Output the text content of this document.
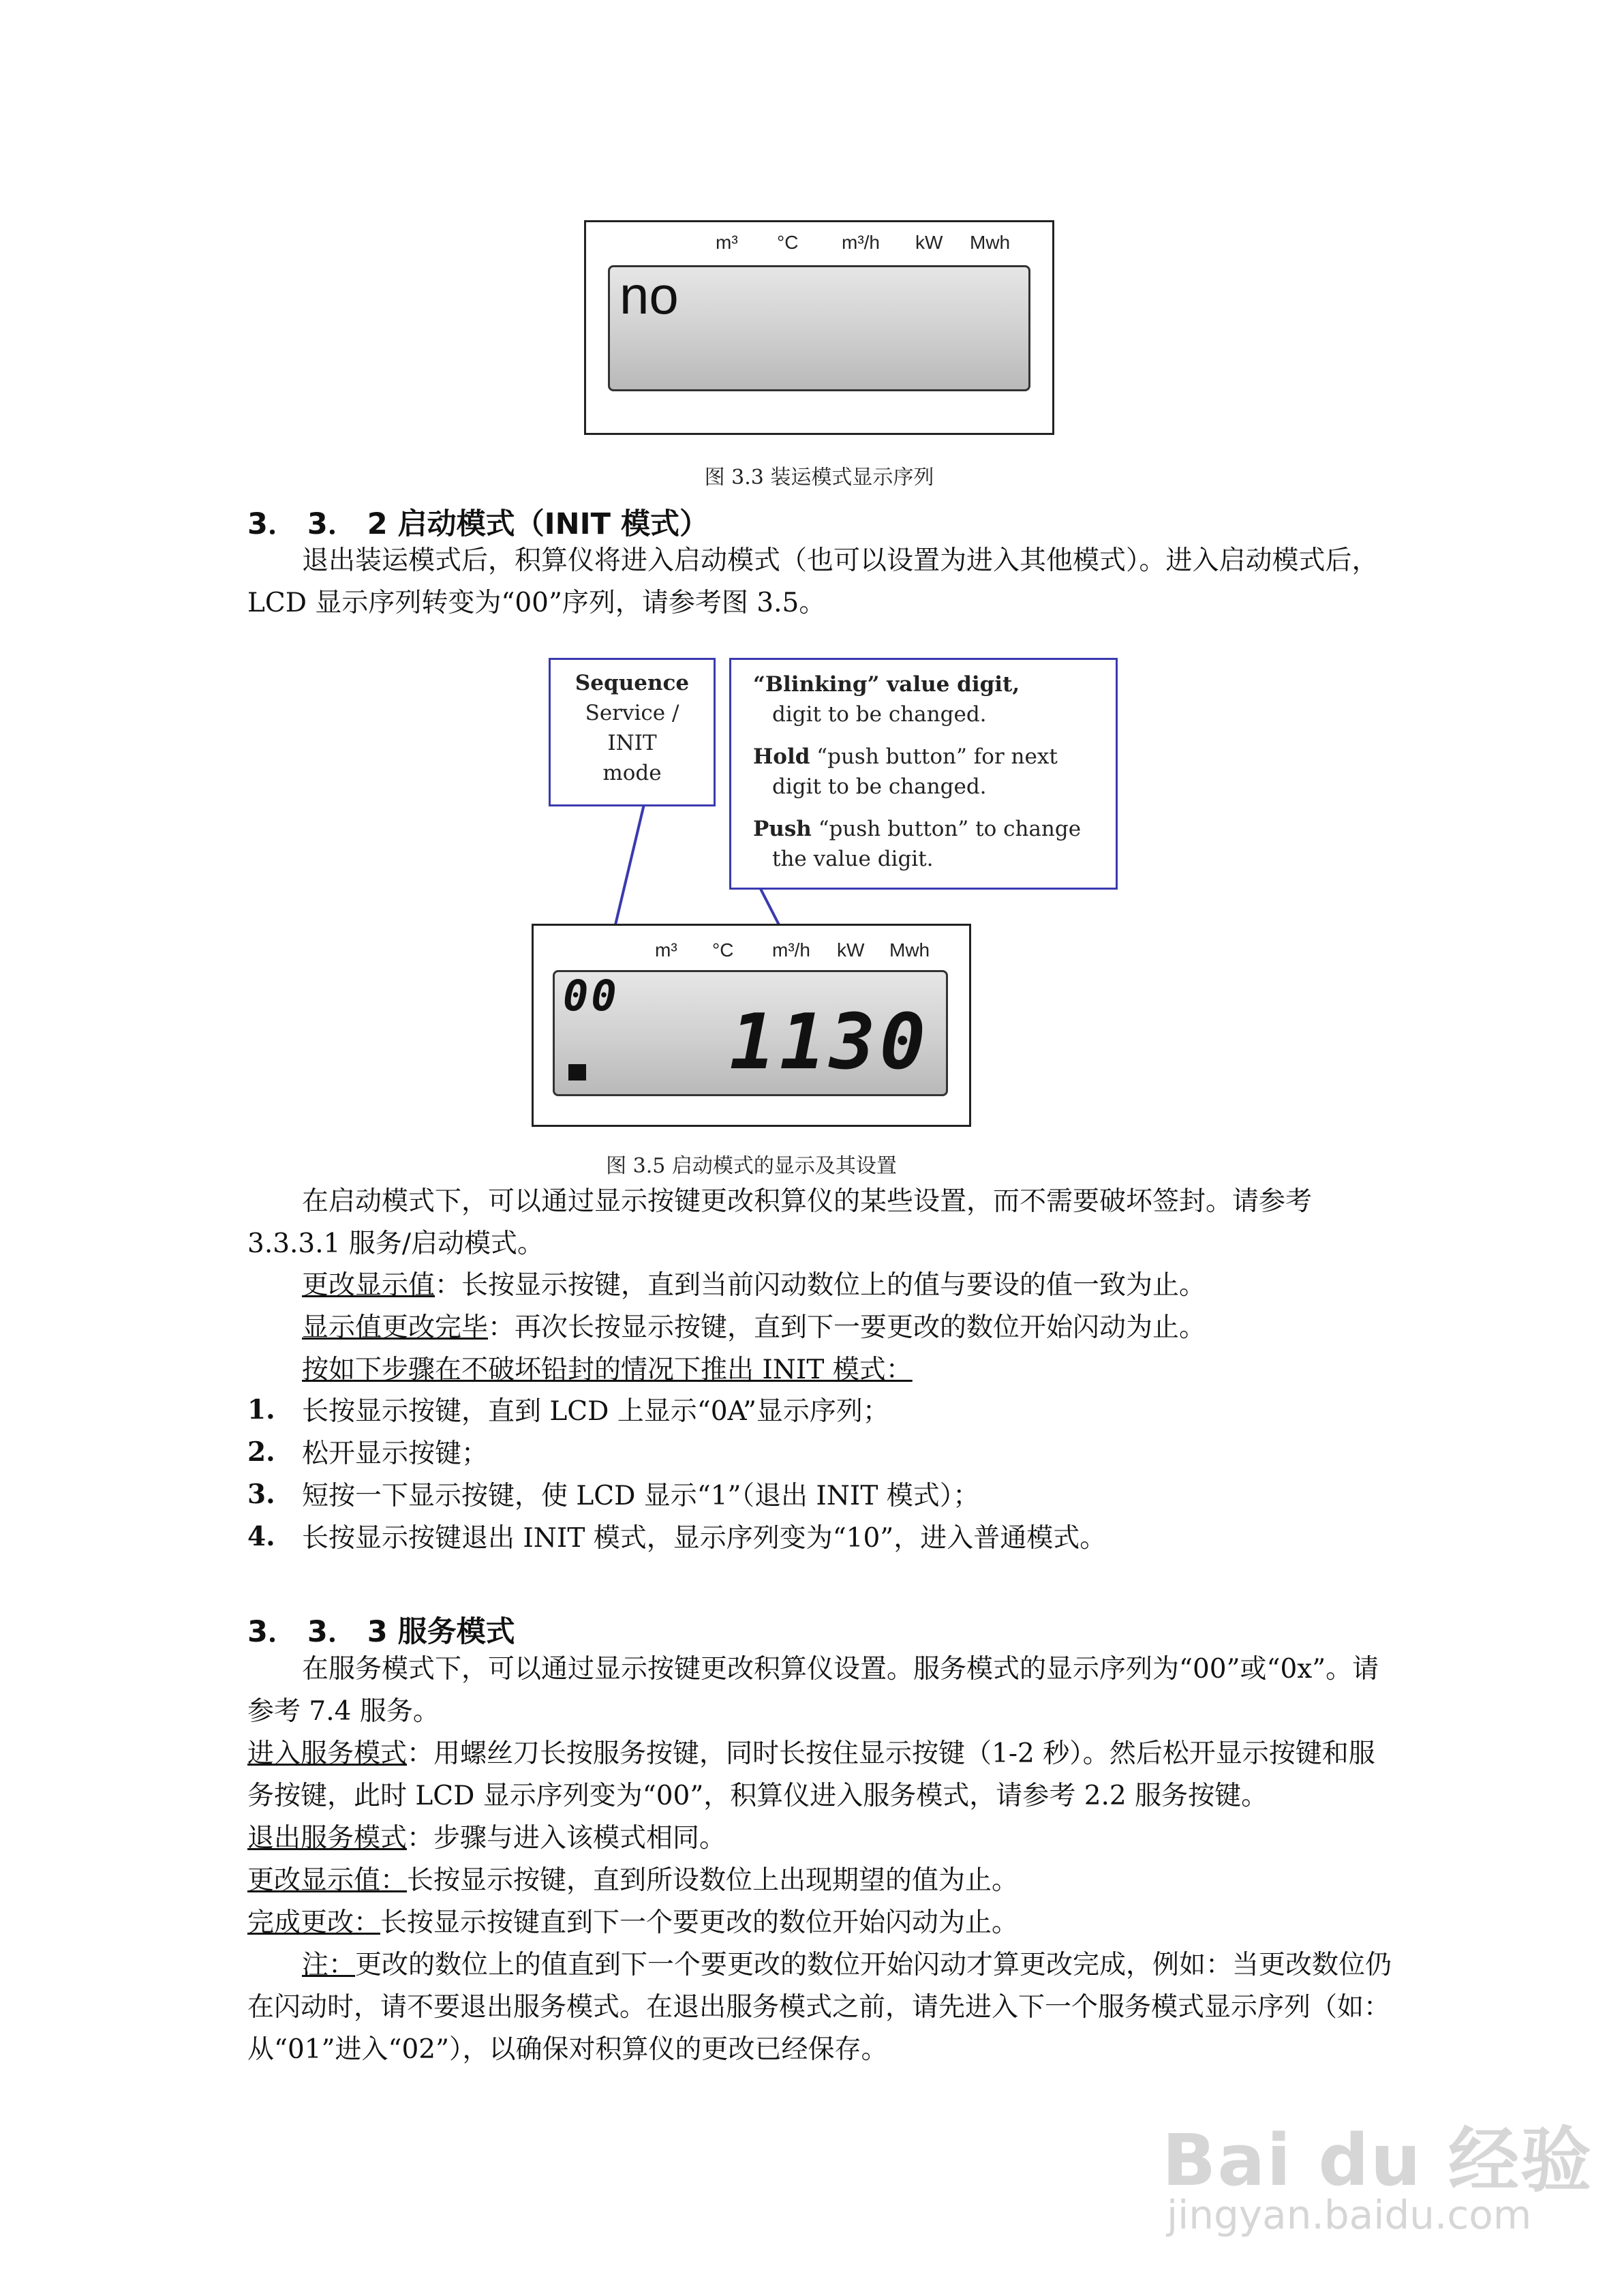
m³ °C m³/h kW Mwh
no
图 3.3 装运模式显示序列
3． 3． 2 启动模式（INIT 模式）
退出装运模式后，积算仪将进入启动模式（也可以设置为进入其他模式）。进入启动模式后，LCD 显示序列转变为“00”序列，请参考图 3.5。
Sequence
Service /
INIT
mode
“Blinking” value digit,
digit to be changed.
Hold “push button” for next
digit to be changed.
Push “push button” to change
the value digit.
m³ °C m³/h kW Mwh
00
1130
图 3.5 启动模式的显示及其设置
在启动模式下，可以通过显示按键更改积算仪的某些设置，而不需要破坏签封。请参考 3.3.3.1 服务/启动模式。
更改显示值：长按显示按键，直到当前闪动数位上的值与要设的值一致为止。
显示值更改完毕：再次长按显示按键，直到下一要更改的数位开始闪动为止。
按如下步骤在不破坏铅封的情况下推出 INIT 模式：
1. 长按显示按键，直到 LCD 上显示“0A”显示序列；
2. 松开显示按键；
3. 短按一下显示按键，使 LCD 显示“1”（退出 INIT 模式）；
4. 长按显示按键退出 INIT 模式，显示序列变为“10”，进入普通模式。
3． 3． 3 服务模式
在服务模式下，可以通过显示按键更改积算仪设置。服务模式的显示序列为“00”或“0x”。请参考 7.4 服务。
进入服务模式：用螺丝刀长按服务按键，同时长按住显示按键（1-2 秒）。然后松开显示按键和服务按键，此时 LCD 显示序列变为“00”，积算仪进入服务模式，请参考 2.2 服务按键。
退出服务模式：步骤与进入该模式相同。
更改显示值：长按显示按键，直到所设数位上出现期望的值为止。
完成更改：长按显示按键直到下一个要更改的数位开始闪动为止。
注：更改的数位上的值直到下一个要更改的数位开始闪动才算更改完成，例如：当更改数位仍在闪动时，请不要退出服务模式。在退出服务模式之前，请先进入下一个服务模式显示序列（如：从“01”进入“02”），以确保对积算仪的更改已经保存。
Bai du 经验
jingyan.baidu.com
